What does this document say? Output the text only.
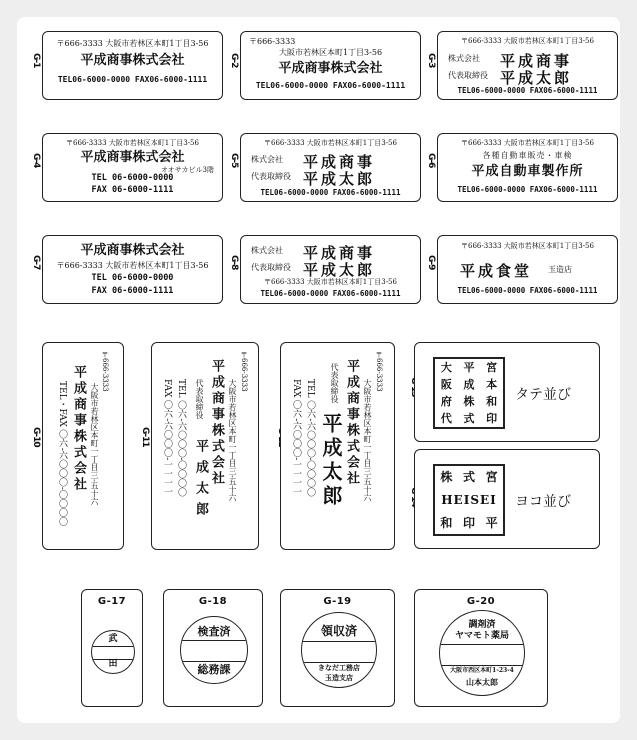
G-1
〒666-3333 大阪市若林区本町1丁目3-56
平成商事株式会社
TEL06-6000-0000 FAX06-6000-1111
G-2
〒666-3333
大阪市若林区本町1丁目3-56
平成商事株式会社
TEL06-6000-0000 FAX06-6000-1111
G-3
〒666-3333 大阪市若林区本町1丁目3-56
株式会社 平成商事
代表取締役 平成太郎
TEL06-6000-0000 FAX06-6000-1111
G-4
〒666-3333 大阪市若林区本町1丁目3-56
平成商事株式会社
オオサカビル3階
TEL 06-6000-0000
FAX 06-6000-1111
G-5
〒666-3333 大阪市若林区本町1丁目3-56
株式会社 平成商事
代表取締役 平成太郎
TEL06-6000-0000 FAX06-6000-1111
G-6
〒666-3333 大阪市若林区本町1丁目3-56
各種自動車販売・車検
平成自動車製作所
TEL06-6000-0000 FAX06-6000-1111
G-7
平成商事株式会社
〒666-3333 大阪市若林区本町1丁目3-56
TEL 06-6000-0000
FAX 06-6000-1111
G-8
株式会社 平成商事
代表取締役 平成太郎
〒666-3333 大阪市若林区本町1丁目3-56
TEL06-6000-0000 FAX06-6000-1111
G-9
〒666-3333 大阪市若林区本町1丁目3-56
平成食堂 玉造店
TEL06-6000-0000 FAX06-6000-1111
G-10
〒666-3333
大阪市若林区本町一丁目三-五十六
平成商事株式会社
TEL・FAX 〇六-六〇〇〇-〇〇〇〇	G-11
〒666-3333
大阪市若林区本町一丁目三-五十六
平成商事株式会社
代表取締役
平成太郎
TEL 〇六-六〇〇〇-〇〇〇〇
FAX 〇六-六〇〇〇-一一一一
〒666-3333
大阪市若林区本町一丁目三-五十六
平成商事株式会社
代表取締役
平成太郎
TEL 〇六-六〇〇〇-〇〇〇〇
FAX 〇六-六〇〇〇-一一一一
大	平	宮
阪	成	本
府	株	和
代	式	印
タテ並び
株 式 宮
HEISEI
和 印 平
ヨコ並び
G-17
武
田
G-18
検査済
総務課
G-19
領収済
きなだ工務店
玉造支店
G-20
調剤済
ヤマモト薬局
大阪市西区本町1-23-4
山本太郎
